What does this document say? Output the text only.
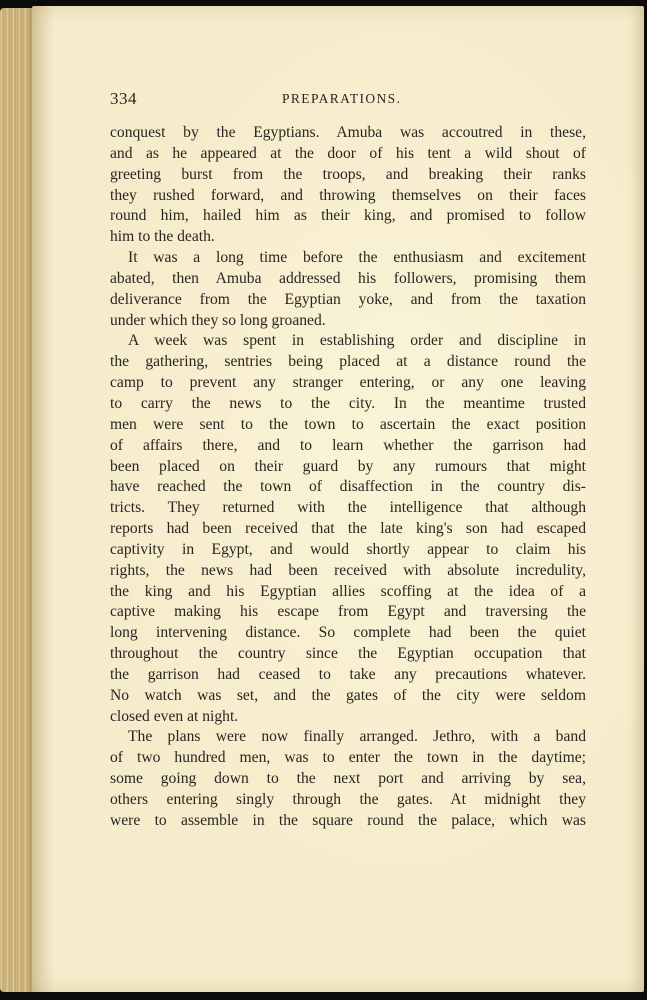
334	PREPARATIONS.
conquest by the Egyptians. Amuba was accoutred in these,
and as he appeared at the door of his tent a wild shout of
greeting burst from the troops, and breaking their ranks
they rushed forward, and throwing themselves on their faces
round him, hailed him as their king, and promised to follow
him to the death.
It was a long time before the enthusiasm and excitement
abated, then Amuba addressed his followers, promising them
deliverance from the Egyptian yoke, and from the taxation
under which they so long groaned.
A week was spent in establishing order and discipline in
the gathering, sentries being placed at a distance round the
camp to prevent any stranger entering, or any one leaving
to carry the news to the city. In the meantime trusted
men were sent to the town to ascertain the exact position
of affairs there, and to learn whether the garrison had
been placed on their guard by any rumours that might
have reached the town of disaffection in the country dis-
tricts. They returned with the intelligence that although
reports had been received that the late king's son had escaped
captivity in Egypt, and would shortly appear to claim his
rights, the news had been received with absolute incredulity,
the king and his Egyptian allies scoffing at the idea of a
captive making his escape from Egypt and traversing the
long intervening distance. So complete had been the quiet
throughout the country since the Egyptian occupation that
the garrison had ceased to take any precautions whatever.
No watch was set, and the gates of the city were seldom
closed even at night.
The plans were now finally arranged. Jethro, with a band
of two hundred men, was to enter the town in the daytime;
some going down to the next port and arriving by sea,
others entering singly through the gates. At midnight they
were to assemble in the square round the palace, which was
